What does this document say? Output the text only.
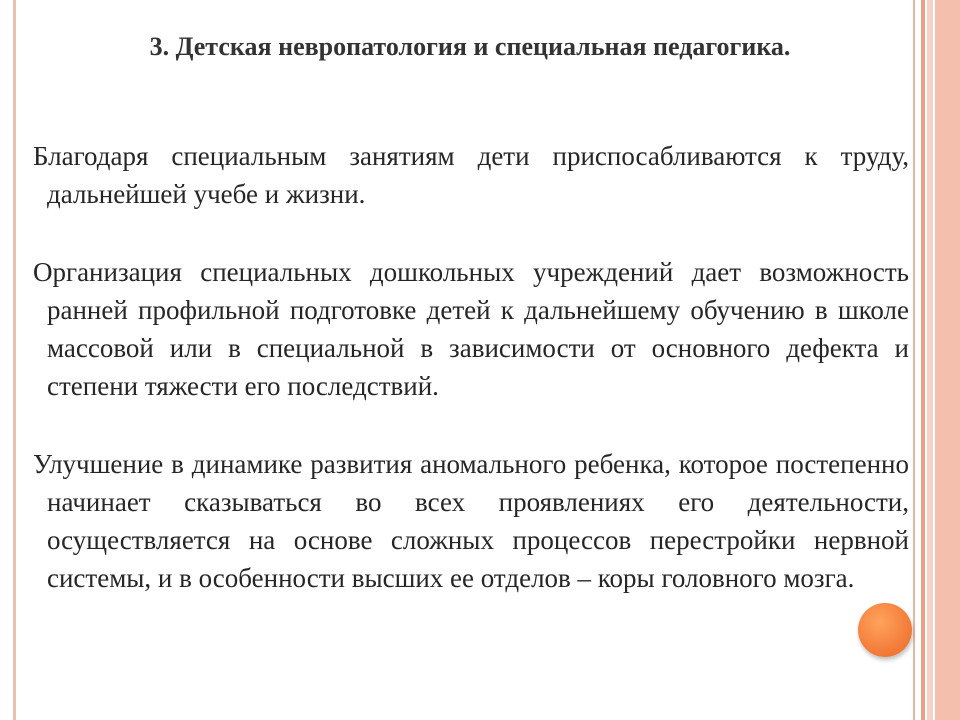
3. Детская невропатология и специальная педагогика.
Благодаря специальным занятиям дети приспосабливаются к труду, дальнейшей учебе и жизни.
Организация специальных дошкольных учреждений дает возможность ранней профильной подготовке детей к дальнейшему обучению в школе массовой или в специальной в зависимости от основного дефекта и степени тяжести его последствий.
Улучшение в динамике развития аномального ребенка, которое постепенно начинает сказываться во всех проявлениях его деятельности, осуществляется на основе сложных процессов перестройки нервной системы, и в особенности высших ее отделов – коры головного мозга.
